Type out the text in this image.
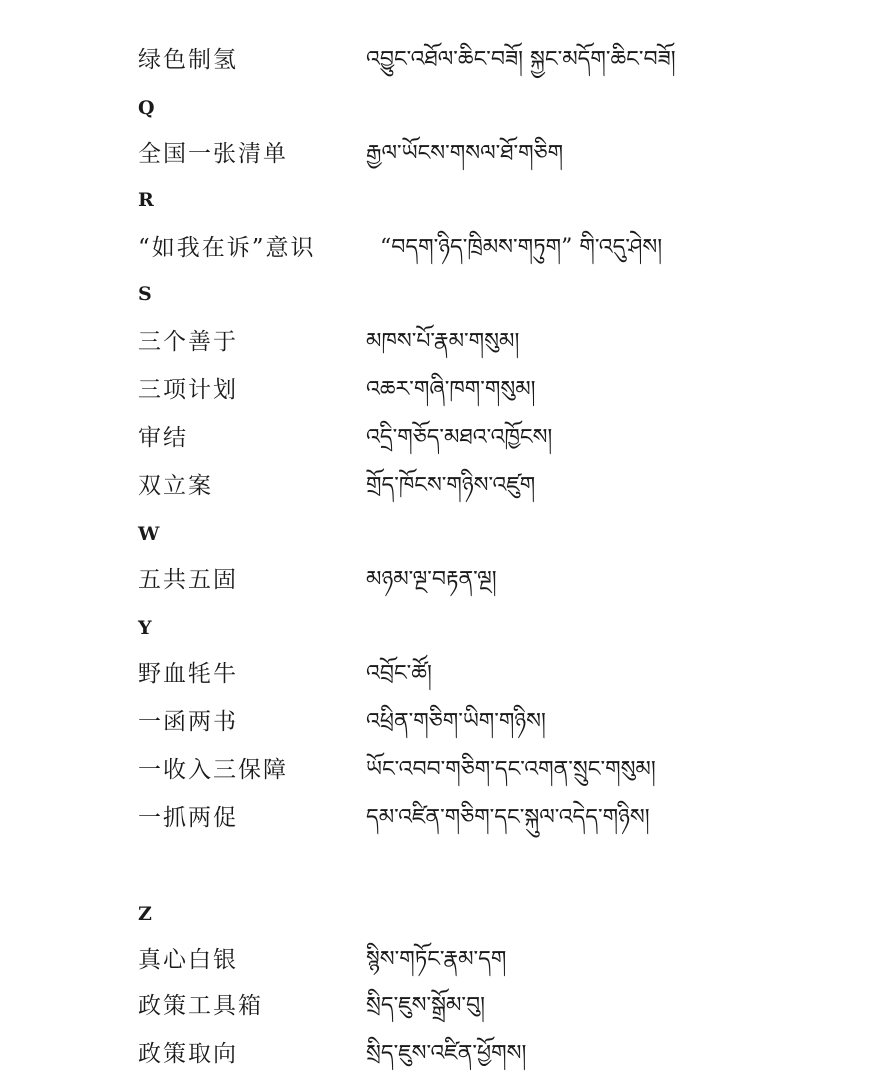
绿色制氢	འབྱུང་འཐོལ་ཆིང་བཟོ། སྐྱང་མདོག་ཆིང་བཟོ།
Q
全国一张清单	རྒྱལ་ཡོངས་གསལ་ཐོ་གཅིག
R
“如我在诉”意识	“བདག་ཉིད་ཁྲིམས་གཏུག” གི་འདུ་ཤེས།
S
三个善于	མཁས་པོ་རྣམ་གསུམ།
三项计划	འཆར་གཞི་ཁག་གསུམ།
审结	འདྲི་གཅོད་མཐའ་འཁྱོངས།
双立案	གྲོད་ཁོངས་གཉིས་འཛུག
W
五共五固	མཉམ་ལྔ་བརྟན་ལྔ།
Y
野血牦牛	འབྲོང་ཚོ།
一函两书	འཕྲིན་གཅིག་ཡིག་གཉིས།
一收入三保障	ཡོང་འབབ་གཅིག་དང་འགན་སྲུང་གསུམ།
一抓两促	དམ་འཛིན་གཅིག་དང་སྐུལ་འདེད་གཉིས།
Z
真心白银	སྙིས་གཏོང་རྣམ་དག
政策工具箱	སྲིད་ཇུས་སྒྲོམ་བུ།
政策取向	སྲིད་ཇུས་འཛིན་ཕྱོགས།
